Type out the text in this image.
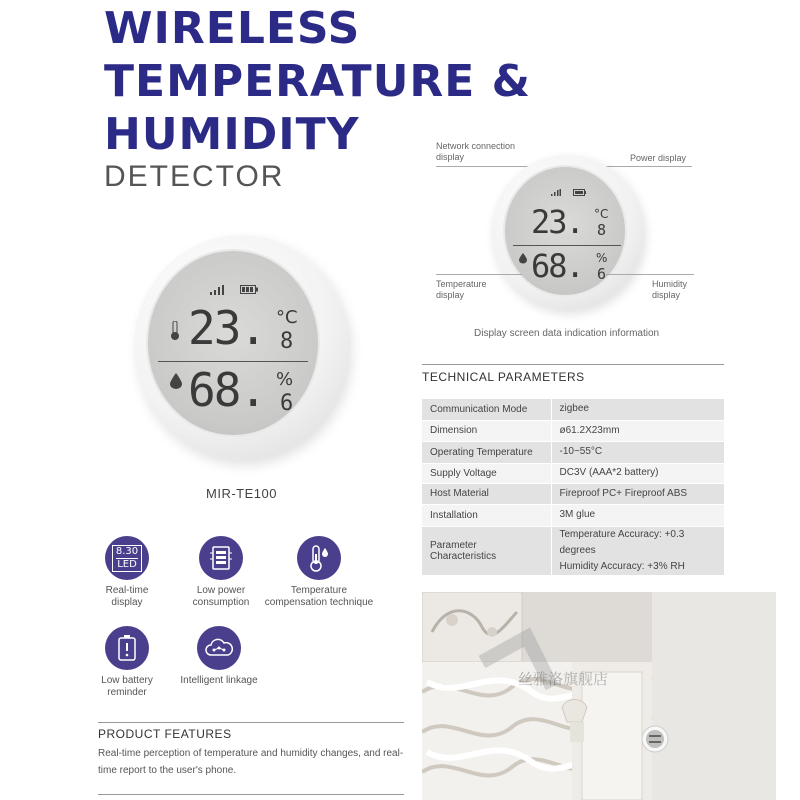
WIRELESS
TEMPERATURE &
HUMIDITY
DETECTOR
23. °C
8
68. %
6
MIR-TE100
8.30
LED
Real-time
display
Low power
consumption
Temperature
compensation technique
Low battery
reminder
Intelligent linkage
PRODUCT FEATURES
Real-time perception of temperature and humidity changes, and real-time report to the user's phone.
Network connection
display	Power display
23. °C
8
68. %
6
Temperature
display
Humidity
display
Display screen data indication information
TECHNICAL PARAMETERS
Communication Mode	zigbee
Dimension	ø61.2X23mm
Operating Temperature	-10~55°C
Supply Voltage	DC3V (AAA*2 battery)
Host Material	Fireproof PC+ Fireproof ABS
Installation	3M glue
Parameter Characteristics	Temperature Accuracy: +0.3 degrees
Humidity Accuracy: +3% RH
丝雅洛旗舰店
